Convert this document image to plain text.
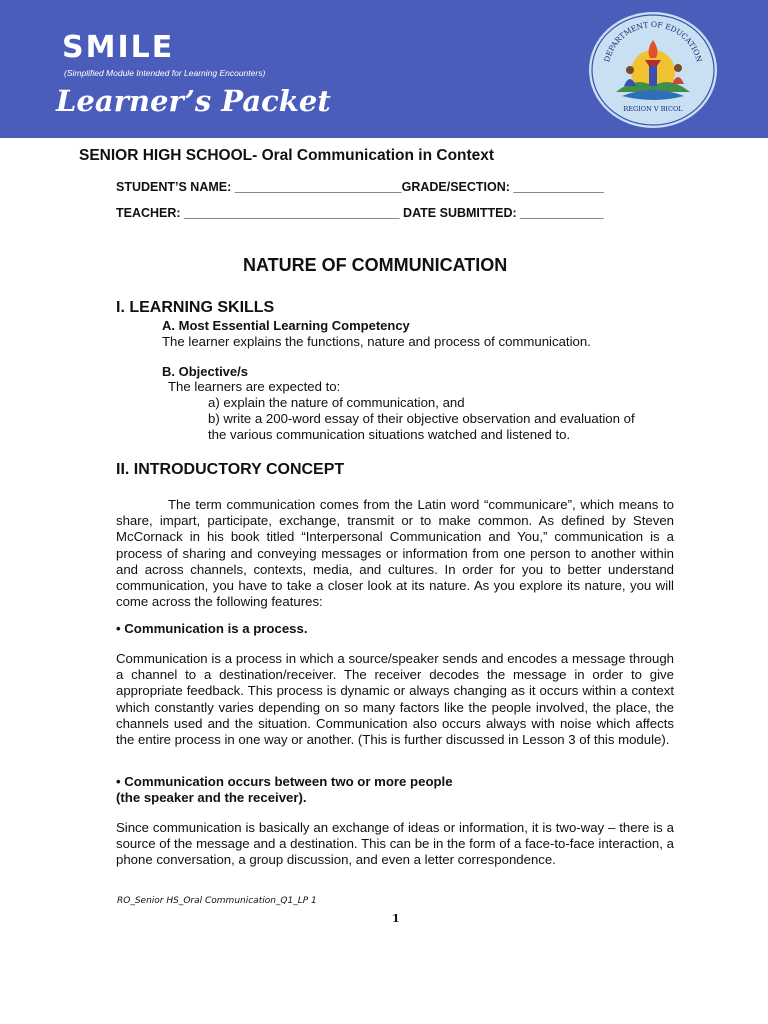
SMILE
(Simplified Module Intended for Learning Encounters)
Learner’s Packet
DEPARTMENT OF EDUCATION
REGION V BICOL
SENIOR HIGH SCHOOL- Oral Communication in Context
STUDENT’S NAME: ________________________GRADE/SECTION: _____________
TEACHER: _______________________________ DATE SUBMITTED: ____________
NATURE OF COMMUNICATION
I. LEARNING SKILLS
A. Most Essential Learning Competency
The learner explains the functions, nature and process of communication.
B. Objective/s
The learners are expected to:
a) explain the nature of communication, and
b) write a 200-word essay of their objective observation and evaluation of
the various communication situations watched and listened to.
II. INTRODUCTORY CONCEPT

The term communication comes from the Latin word “communicare”, which means to share, impart, participate, exchange, transmit or to make common. As defined by Steven McCornack in his book titled “Interpersonal Communication and You,” communication is a process of sharing and conveying messages or information from one person to another within and across channels, contexts, media, and cultures. In order for you to better understand communication, you have to take a closer look at its nature. As you explore its nature, you will come across the following features:

• Communication is a process.

Communication is a process in which a source/speaker sends and encodes a message through a channel to a destination/receiver. The receiver decodes the message in order to give appropriate feedback. This process is dynamic or always changing as it occurs within a context which constantly varies depending on so many factors like the people involved, the place, the channels used and the situation. Communication also occurs always with noise which affects the entire process in one way or another. (This is further discussed in Lesson 3 of this module).

• Communication occurs between two or more people
(the speaker and the receiver).

Since communication is basically an exchange of ideas or information, it is two-way – there is a source of the message and a destination. This can be in the form of a face-to-face interaction, a phone conversation, a group discussion, and even a letter correspondence.

RO_Senior HS_Oral Communication_Q1_LP 1
1
